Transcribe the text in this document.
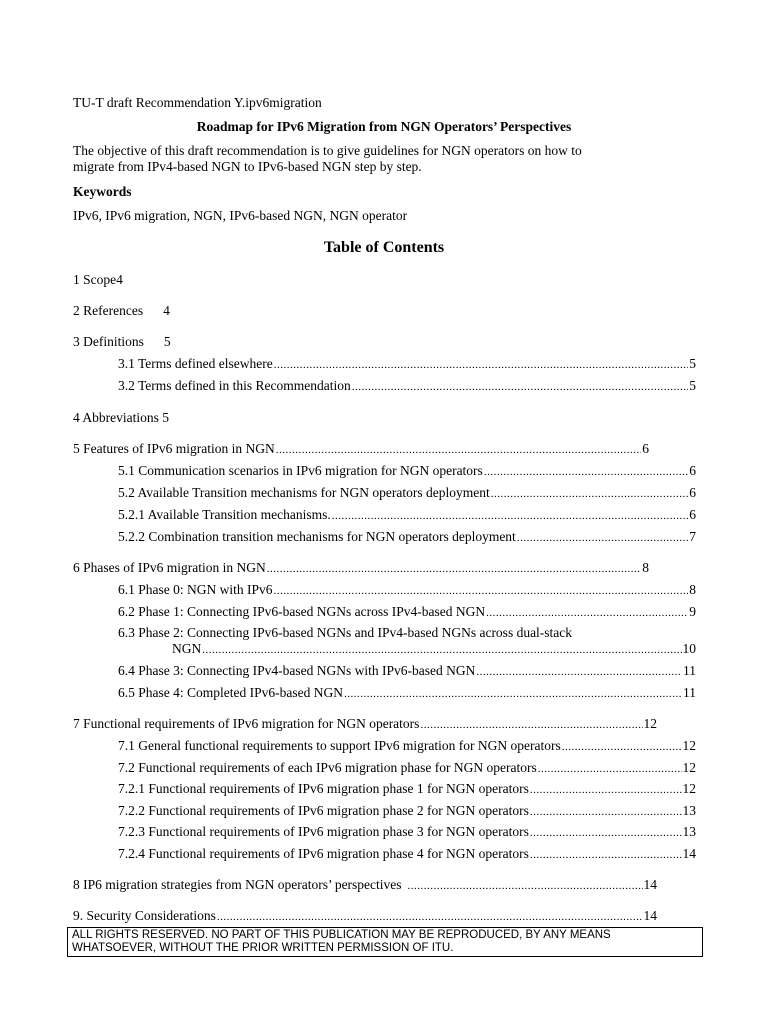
TU-T draft Recommendation Y.ipv6migration
Roadmap for IPv6 Migration from NGN Operators’ Perspectives
The objective of this draft recommendation is to give guidelines for NGN operators on how to
migrate from IPv4-based NGN to IPv6-based NGN step by step.
Keywords
IPv6, IPv6 migration, NGN, IPv6-based NGN, NGN operator
Table of Contents
1 Scope4
2 References 4
3 Definitions 5
3.1 Terms defined elsewhere .....	5
3.2 Terms defined in this Recommendation .....	5
4 Abbreviations 5
5 Features of IPv6 migration in NGN .....	6
5.1 Communication scenarios in IPv6 migration for NGN operators .....	6
5.2 Available Transition mechanisms for NGN operators deployment .....	6
5.2.1 Available Transition mechanisms. .....	6
5.2.2 Combination transition mechanisms for NGN operators deployment .....	7
6 Phases of IPv6 migration in NGN .....	8
6.1 Phase 0: NGN with IPv6 .....	8
6.2 Phase 1: Connecting IPv6-based NGNs across IPv4-based NGN .....	9
6.3 Phase 2: Connecting IPv6-based NGNs and IPv4-based NGNs across dual-stack
NGN .....	10
6.4 Phase 3: Connecting IPv4-based NGNs with IPv6-based NGN .....	11
6.5 Phase 4: Completed IPv6-based NGN .....	11
7 Functional requirements of IPv6 migration for NGN operators .....	12
7.1 General functional requirements to support IPv6 migration for NGN operators .....	12
7.2 Functional requirements of each IPv6 migration phase for NGN operators .....	12
7.2.1 Functional requirements of IPv6 migration phase 1 for NGN operators .....	12
7.2.2 Functional requirements of IPv6 migration phase 2 for NGN operators .....	13
7.2.3 Functional requirements of IPv6 migration phase 3 for NGN operators .....	13
7.2.4 Functional requirements of IPv6 migration phase 4 for NGN operators .....	14
8 IP6 migration strategies from NGN operators’ perspectives .....	14
9. Security Considerations .....	14
ALL RIGHTS RESERVED. NO PART OF THIS PUBLICATION MAY BE REPRODUCED, BY ANY MEANS WHATSOEVER, WITHOUT THE PRIOR WRITTEN PERMISSION OF ITU.
